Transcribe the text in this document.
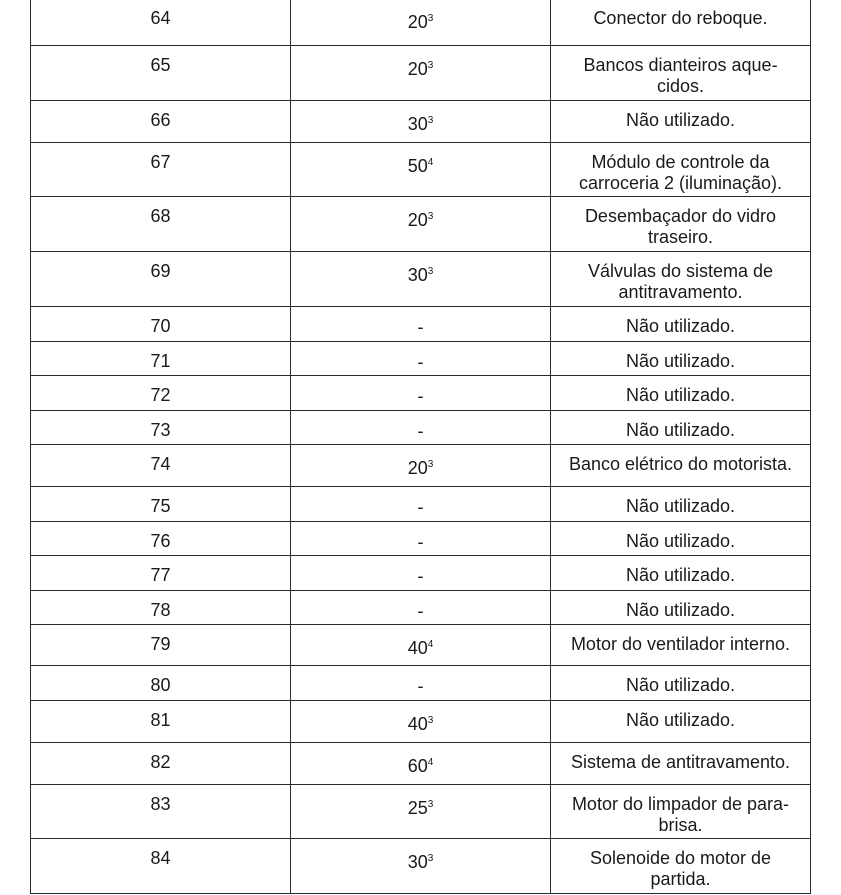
64	$20^3$	Conector do reboque.
65	$20^3$	Bancos dianteiros aque-
cidos.
66	$30^3$	Não utilizado.
67	$50^4$	Módulo de controle da
carroceria 2 (iluminação).
68	$20^3$	Desembaçador do vidro
traseiro.
69	$30^3$	Válvulas do sistema de
antitravamento.
70	-	Não utilizado.
71	-	Não utilizado.
72	-	Não utilizado.
73	-	Não utilizado.
74	$20^3$	Banco elétrico do motorista.
75	-	Não utilizado.
76	-	Não utilizado.
77	-	Não utilizado.
78	-	Não utilizado.
79	$40^4$	Motor do ventilador interno.
80	-	Não utilizado.
81	$40^3$	Não utilizado.
82	$60^4$	Sistema de antitravamento.
83	$25^3$	Motor do limpador de para-
brisa.
84	$30^3$	Solenoide do motor de
partida.
